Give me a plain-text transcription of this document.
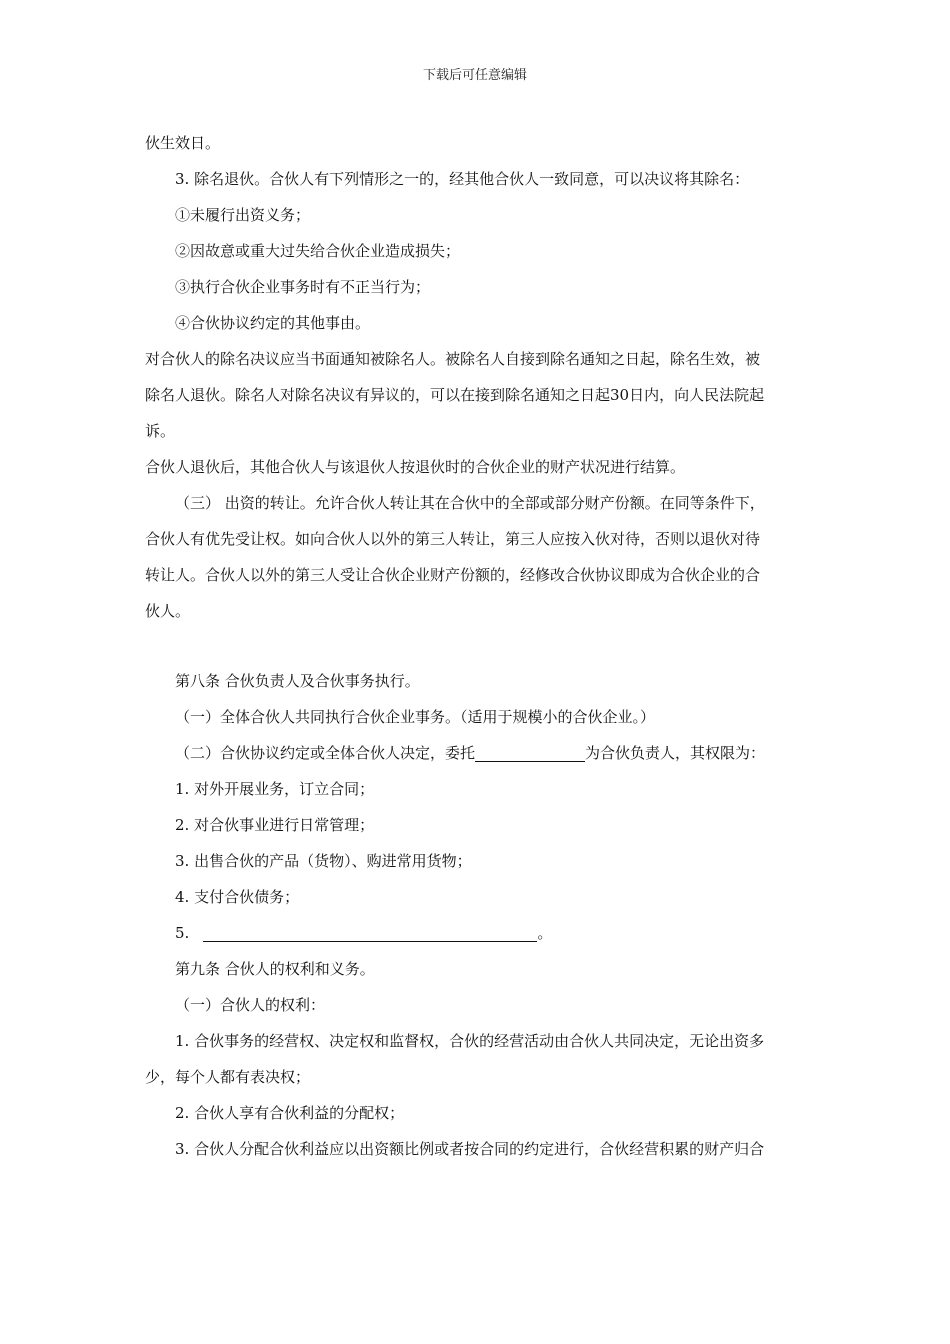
下载后可任意编辑
伙生效日。
3. 除名退伙。合伙人有下列情形之一的，经其他合伙人一致同意，可以决议将其除名：
①未履行出资义务；
②因故意或重大过失给合伙企业造成损失；
③执行合伙企业事务时有不正当行为；
④合伙协议约定的其他事由。
对合伙人的除名决议应当书面通知被除名人。被除名人自接到除名通知之日起，除名生效，被
除名人退伙。除名人对除名决议有异议的，可以在接到除名通知之日起30日内，向人民法院起
诉。
合伙人退伙后，其他合伙人与该退伙人按退伙时的合伙企业的财产状况进行结算。
（三） 出资的转让。允许合伙人转让其在合伙中的全部或部分财产份额。在同等条件下，
合伙人有优先受让权。如向合伙人以外的第三人转让，第三人应按入伙对待，否则以退伙对待
转让人。合伙人以外的第三人受让合伙企业财产份额的，经修改合伙协议即成为合伙企业的合
伙人。
第八条 合伙负责人及合伙事务执行。
（一）全体合伙人共同执行合伙企业事务。（适用于规模小的合伙企业。）
（二）合伙协议约定或全体合伙人决定，委托	为合伙负责人，其权限为：
1. 对外开展业务，订立合同；
2. 对合伙事业进行日常管理；
3. 出售合伙的产品（货物）、购进常用货物；
4. 支付合伙债务；
5.	。
第九条 合伙人的权利和义务。
（一）合伙人的权利：
1. 合伙事务的经营权、决定权和监督权，合伙的经营活动由合伙人共同决定，无论出资多
少，每个人都有表决权；
2. 合伙人享有合伙利益的分配权；
3. 合伙人分配合伙利益应以出资额比例或者按合同的约定进行，合伙经营积累的财产归合
